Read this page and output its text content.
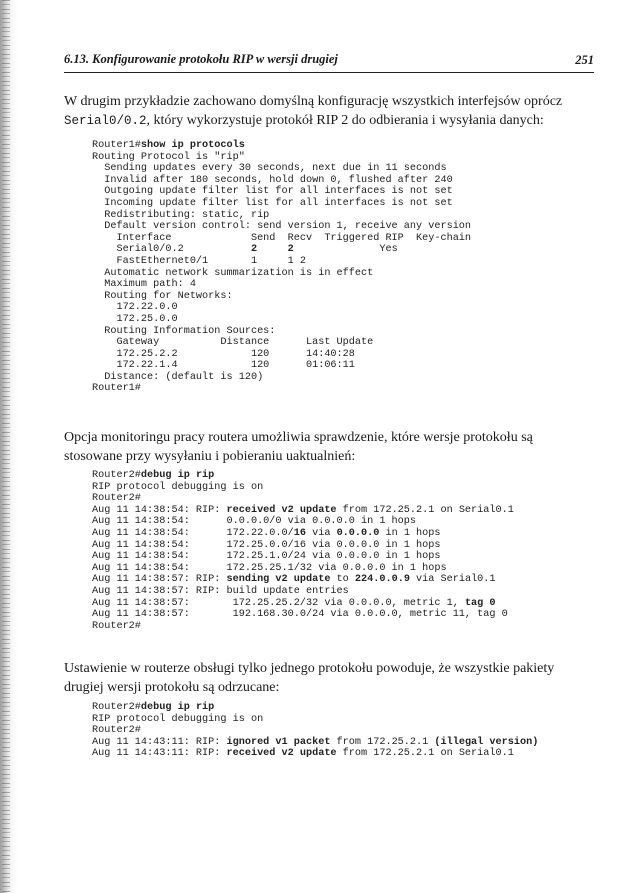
6.13. Konfigurowanie protokołu RIP w wersji drugiej	251

W drugim przykładzie zachowano domyślną konfigurację wszystkich interfejsów oprócz Serial0/0.2, który wykorzystuje protokół RIP 2 do odbierania i wysyłania danych:

Router1#show ip protocols
Routing Protocol is "rip"
Sending updates every 30 seconds, next due in 11 seconds
Invalid after 180 seconds, hold down 0, flushed after 240
Outgoing update filter list for all interfaces is not set
Incoming update filter list for all interfaces is not set
Redistributing: static, rip
Default version control: send version 1, receive any version
Interface             Send  Recv  Triggered RIP  Key-chain
Serial0/0.2           2	2              Yes
FastEthernet0/1       1     1 2
Automatic network summarization is in effect
Maximum path: 4
Routing for Networks:
172.22.0.0
172.25.0.0
Routing Information Sources:
Gateway          Distance      Last Update
172.25.2.2            120      14:40:28
172.22.1.4            120      01:06:11
Distance: (default is 120)
Router1#

Opcja monitoringu pracy routera umożliwia sprawdzenie, które wersje protokołu są stosowane przy wysyłaniu i pobieraniu uaktualnień:

Router2#debug ip rip
RIP protocol debugging is on
Router2#
Aug 11 14:38:54: RIP: received v2 update from 172.25.2.1 on Serial0.1
Aug 11 14:38:54:      0.0.0.0/0 via 0.0.0.0 in 1 hops
Aug 11 14:38:54:      172.22.0.0/16 via 0.0.0.0 in 1 hops
Aug 11 14:38:54:      172.25.0.0/16 via 0.0.0.0 in 1 hops
Aug 11 14:38:54:      172.25.1.0/24 via 0.0.0.0 in 1 hops
Aug 11 14:38:54:      172.25.25.1/32 via 0.0.0.0 in 1 hops
Aug 11 14:38:57: RIP: sending v2 update to 224.0.0.9 via Serial0.1
Aug 11 14:38:57: RIP: build update entries
Aug 11 14:38:57:       172.25.25.2/32 via 0.0.0.0, metric 1, tag 0
Aug 11 14:38:57:       192.168.30.0/24 via 0.0.0.0, metric 11, tag 0
Router2#

Ustawienie w routerze obsługi tylko jednego protokołu powoduje, że wszystkie pakiety drugiej wersji protokołu są odrzucane:

Router2#debug ip rip
RIP protocol debugging is on
Router2#
Aug 11 14:43:11: RIP: ignored v1 packet from 172.25.2.1 (illegal version)
Aug 11 14:43:11: RIP: received v2 update from 172.25.2.1 on Serial0.1
